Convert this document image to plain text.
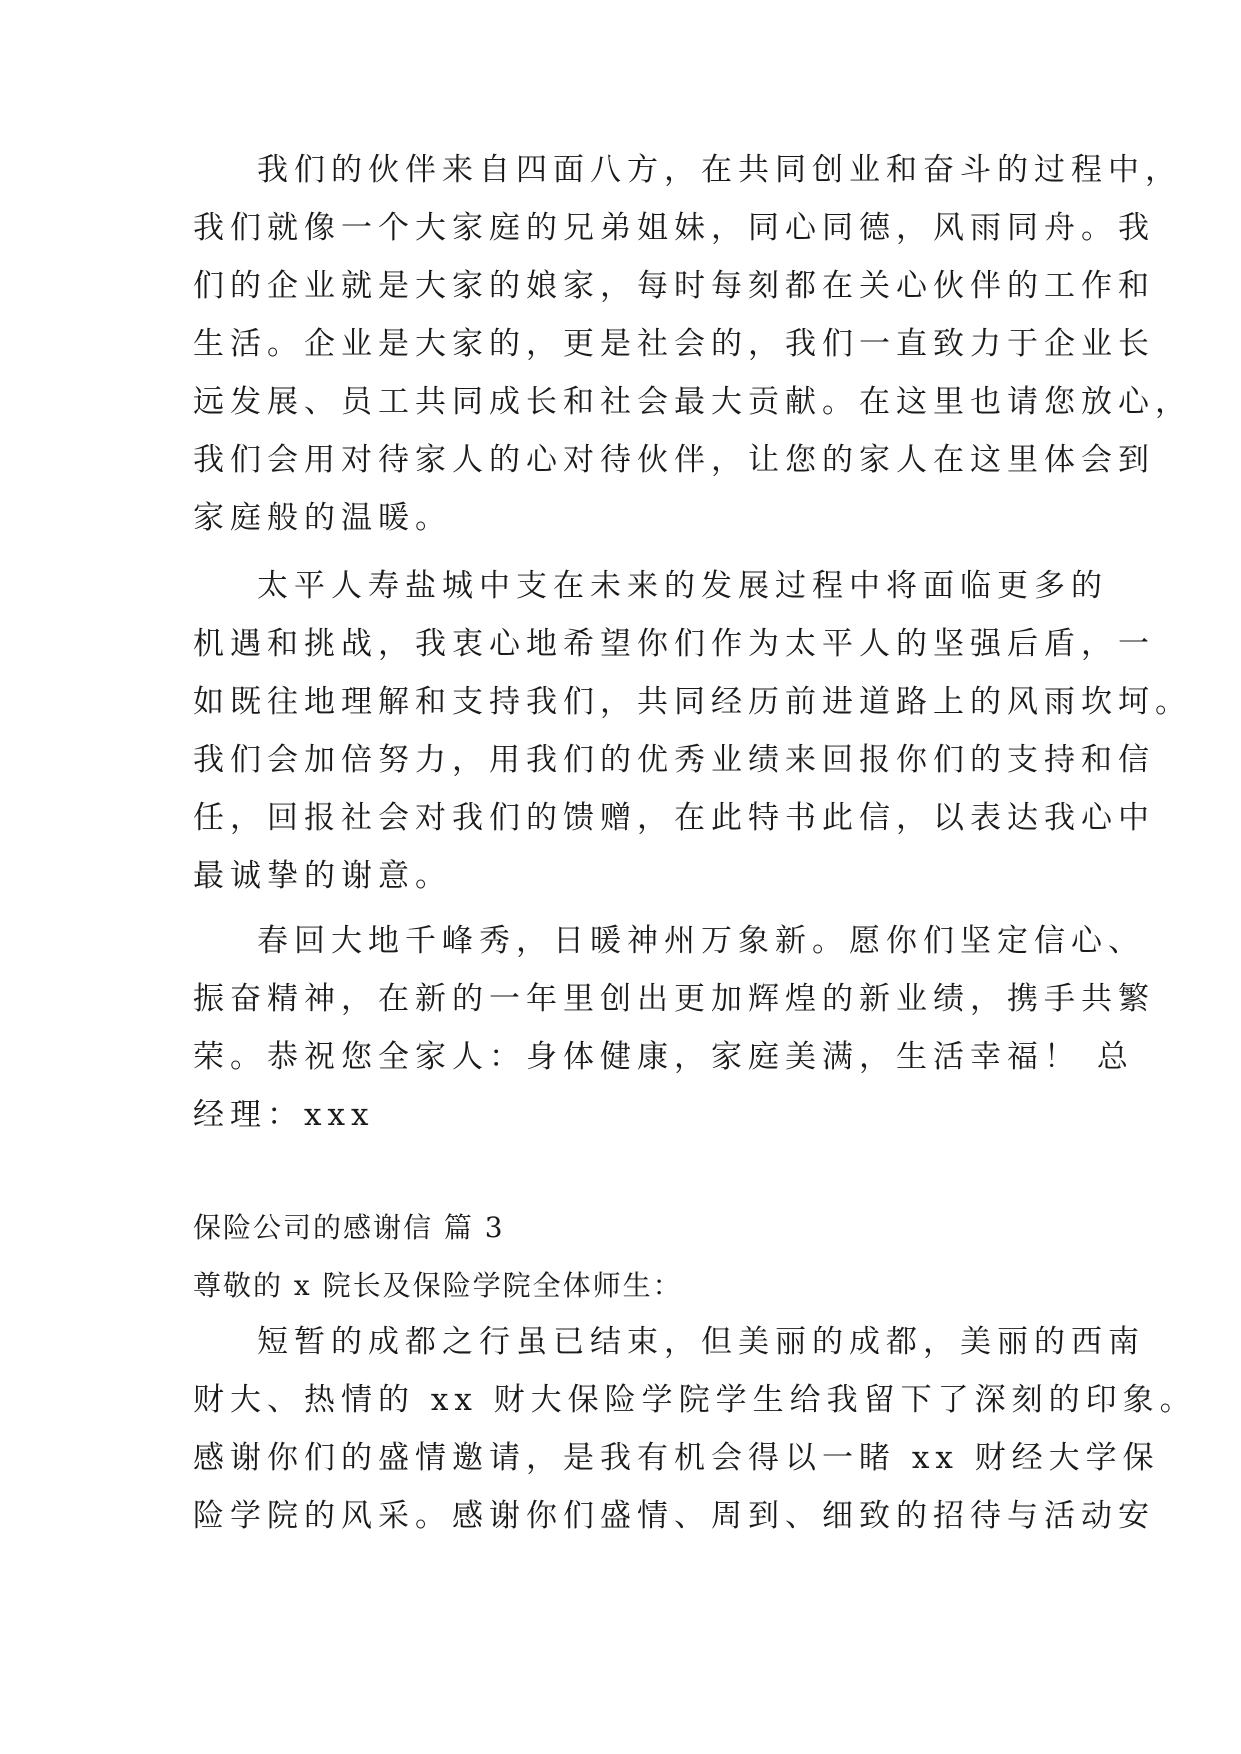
我们的伙伴来自四面八方，在共同创业和奋斗的过程中，
我们就像一个大家庭的兄弟姐妹，同心同德，风雨同舟。我
们的企业就是大家的娘家，每时每刻都在关心伙伴的工作和
生活。企业是大家的，更是社会的，我们一直致力于企业长
远发展、员工共同成长和社会最大贡献。在这里也请您放心，
我们会用对待家人的心对待伙伴，让您的家人在这里体会到
家庭般的温暖。
太平人寿盐城中支在未来的发展过程中将面临更多的
机遇和挑战，我衷心地希望你们作为太平人的坚强后盾，一
如既往地理解和支持我们，共同经历前进道路上的风雨坎坷。
我们会加倍努力，用我们的优秀业绩来回报你们的支持和信
任，回报社会对我们的馈赠，在此特书此信，以表达我心中
最诚挚的谢意。
春回大地千峰秀，日暖神州万象新。愿你们坚定信心、
振奋精神，在新的一年里创出更加辉煌的新业绩，携手共繁
荣。恭祝您全家人：身体健康，家庭美满，生活幸福！ 总
经理：xxx
保险公司的感谢信 篇 3
尊敬的 x 院长及保险学院全体师生：
短暂的成都之行虽已结束，但美丽的成都，美丽的西南
财大、热情的 xx 财大保险学院学生给我留下了深刻的印象。
感谢你们的盛情邀请，是我有机会得以一睹 xx 财经大学保
险学院的风采。感谢你们盛情、周到、细致的招待与活动安
